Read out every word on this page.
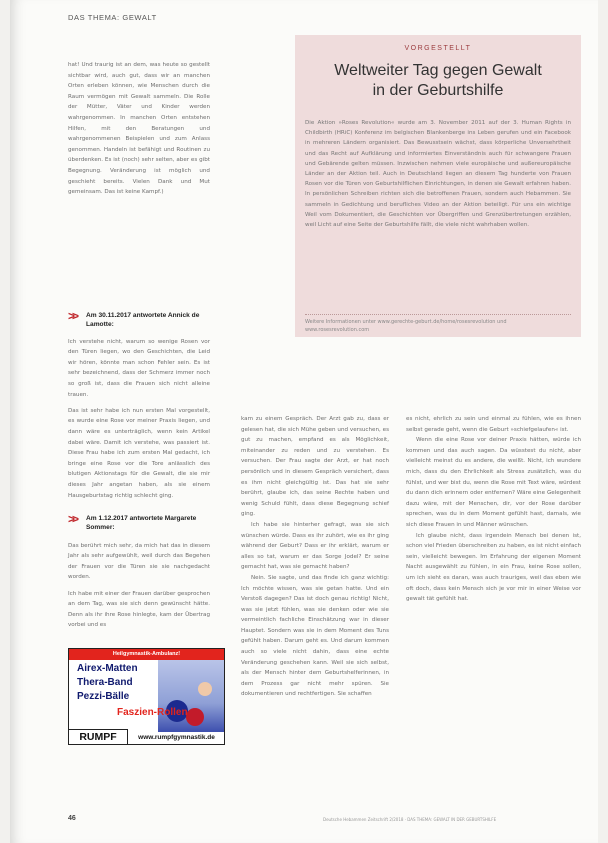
DAS THEMA: GEWALT

hat! Und traurig ist an dem, was heute so gestellt sichtbar wird, auch gut, dass wir an manchen Orten erleben können, wie Menschen durch die Raum vermögen mit Gewalt sammeln. Die Rolle der Mütter, Väter und Kinder werden wahrgenommen. In manchen Orten entstehen Hilfen, mit den Beratungen und wahrgenommenen Beispielen und zum Anlass genommen. Handeln ist befähigt und Routinen zu überdenken. Es ist (noch) sehr selten, aber es gibt Begegnung. Veränderung ist möglich und geschieht bereits. Vielen Dank und Mut gemeinsam. Das ist keine Kampf.)

>> Am 30.11.2017 antwortete Annick de Lamotte:

Ich verstehe nicht, warum so wenige Rosen vor den Türen liegen, wo den Geschichten, die Leid wir hören, könnte man schon Fehler sein. Es ist sehr bezeichnend, dass der Schmerz immer noch so groß ist, dass die Frauen sich nicht alleine trauen.

Das ist sehr habe ich nun ersten Mal vorgestellt, es wurde eine Rose vor meiner Praxis liegen, und dann wäre es unterträglich, wenn kein Artikel dabei wäre. Damit ich verstehe, was passiert ist. Diese Frau habe ich zum ersten Mal gedacht, ich bringe eine Rose vor die Tore anlässlich des blutigen Aktionstags für die Gewalt, die sie mir dieses Jahr angetan haben, als sie einem Hausgeburtstag richtig schlecht ging.

>> Am 1.12.2017 antwortete Margarete Sommer:

Das berührt mich sehr, da mich hat das in diesem Jahr als sehr aufgewühlt, weil durch das Begehen der Frauen vor die Türen sie sie nachgedacht worden.

Ich habe mit einer der Frauen darüber gesprochen an dem Tag, was sie sich denn gewünscht hätte. Denn als ihr ihre Rose hinlegte, kam der Übertrag vorbei und es

Heilgymnastik-Ambulanz!
Airex-Matten
Thera-Band
Pezzi-Bälle
Faszien-Rollen
RUMPF	www.rumpfgymnastik.de
VORGESTELLT
Weltweiter Tag gegen Gewalt
in der Geburtshilfe
Die Aktion »Roses Revolution« wurde am 3. November 2011 auf der 3. Human Rights in Childbirth (HRiC) Konferenz im belgischen Blankenberge ins Leben gerufen und ein Facebook in mehreren Ländern organisiert. Das Bewusstsein wächst, dass körperliche Unversehrtheit und das Recht auf Aufklärung und informiertes Einverständnis auch für schwangere Frauen und Gebärende gelten müssen. Inzwischen nehmen viele europäische und außereuropäische Länder an der Aktion teil. Auch in Deutschland liegen an diesem Tag hunderte von Frauen Rosen vor die Türen von Geburtshilflichen Einrichtungen, in denen sie Gewalt erfahren haben. In persönlichen Schreiben richten sich die betroffenen Frauen, sondern auch Hebammen. Sie sammeln in Gedichtung und berufliches Video an der Aktion beteiligt. Für uns ein wichtige Weil vom Dokumentiert, die Geschichten vor Übergriffen und Grenzübertretungen erzählen, weil Licht auf eine Seite der Geburtshilfe fällt, die viele nicht wahrhaben wollen.
Weitere Informationen unter www.gerechte-geburt.de/home/rosesrevolution und www.rosesrevolution.com

kam zu einem Gespräch. Der Arzt gab zu, dass er gelesen hat, die sich Mühe geben und versuchen, es gut zu machen, empfand es als Möglichkeit, miteinander zu reden und zu verstehen. Es versuchen. Der Frau sagte der Arzt, er hat noch persönlich und in diesem Gespräch versichert, dass es ihm nicht gleichgültig ist. Das hat sie sehr berührt, glaube ich, das seine Rechte haben und wenig Schuld fühlt, dass diese Begegnung schief ging.

Ich habe sie hinterher gefragt, was sie sich wünschen würde. Dass es ihr zuhört, wie es ihr ging während der Geburt? Dass er ihr erklärt, warum er alles so tat, warum er das Sorge Jodel? Er seine gemacht hat, was sie gemacht haben?

Nein. Sie sagte, und das finde ich ganz wichtig: Ich möchte wissen, was sie getan hatte. Und ein Verstoß dagegen? Das ist doch genau richtig! Nicht, was sie jetzt fühlen, was sie denken oder wie sie vermeintlich fachliche Einschätzung war in dieser Hauptet. Sondern was sie in dem Moment des Tuns gefühlt haben. Darum geht es. Und darum kommen auch so viele nicht dahin, dass eine echte Veränderung geschehen kann. Weil sie sich selbst, als der Mensch hinter dem Geburtshelferinnen, in dem Prozess gar nicht mehr spüren. Sie dokumentieren und rechtfertigen. Sie schaffen

es nicht, ehrlich zu sein und einmal zu fühlen, wie es ihnen selbst gerade geht, wenn die Geburt »schiefgelaufen« ist.

Wenn die eine Rose vor deiner Praxis hätten, würde ich kommen und das auch sagen. Da wüsstest du nicht, aber vielleicht meinst du es andere, die weißt. Nicht, ich wundere mich, dass du den Ehrlichkeit als Stress zusätzlich, was du fühlst, und wer bist du, wenn die Rose mit Text wäre, würdest du dann dich erinnern oder entfernen? Wäre eine Gelegenheit dazu wäre, mit der Menschen, dir, vor der Rose darüber sprechen, was du in dem Moment gefühlt hast, damals, wie sich diese Frauen in und Männer wünschen.

Ich glaube nicht, dass irgendein Mensch bei denen ist, schon viel Frieden überschreiten zu haben, es ist nicht einfach sein, vielleicht bewegen. Im Erfahrung der eigenen Moment Nacht ausgewählt zu fühlen, in ein Frau, keine Rose sollen, um ich sieht es daran, was auch trauriges, weil das eben wie oft doch, dass kein Mensch sich je vor mir in einer Weise vor gewalt tät gefühlt hat.

46	Deutsche Hebammen Zeitschrift 2/2018 · DAS THEMA: GEWALT IN DER GEBURTSHILFE
